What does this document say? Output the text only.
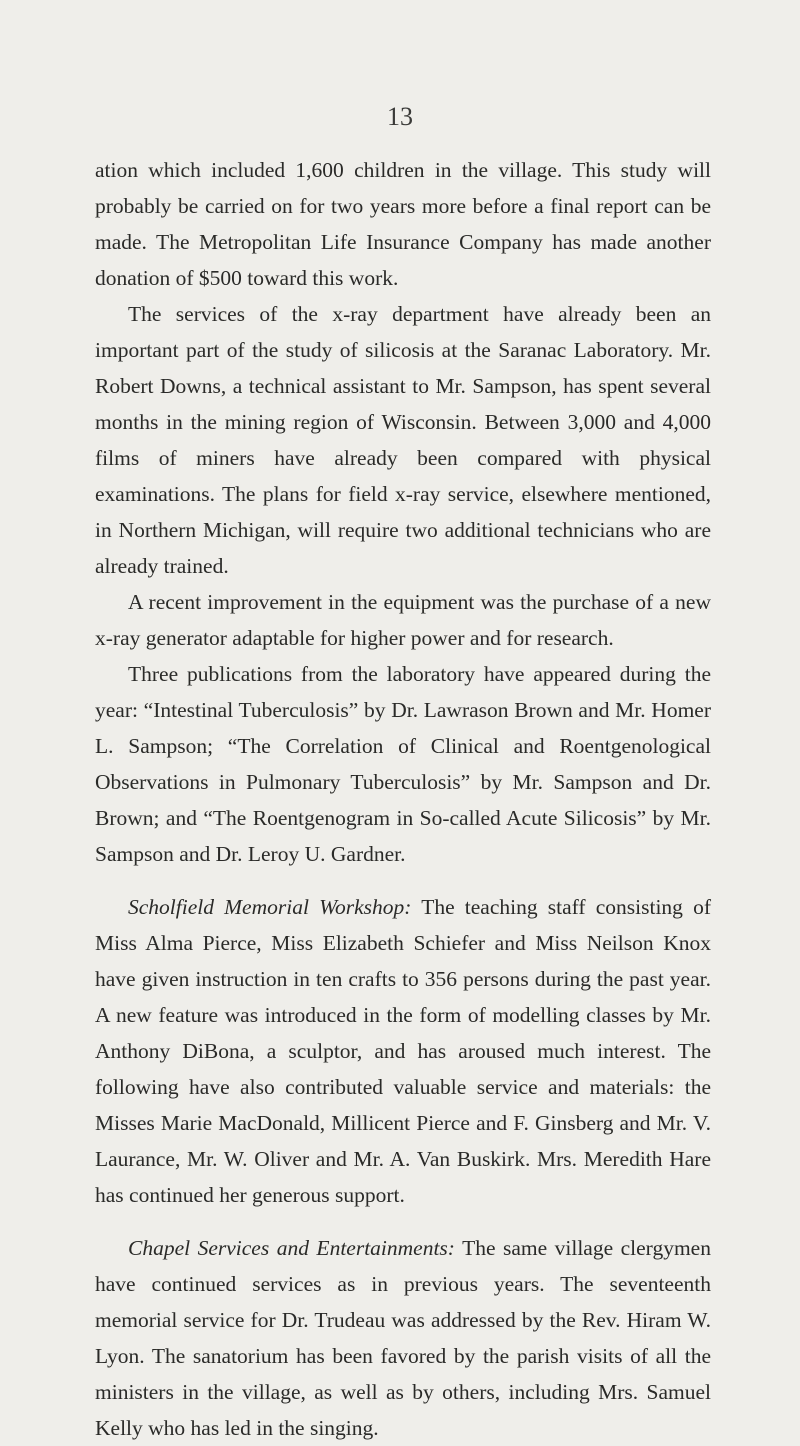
13

ation which included 1,600 children in the village. This study will probably be carried on for two years more before a final report can be made. The Metropolitan Life Insurance Company has made another donation of $500 toward this work.

The services of the x-ray department have already been an important part of the study of silicosis at the Saranac Laboratory. Mr. Robert Downs, a technical assistant to Mr. Sampson, has spent several months in the mining region of Wisconsin. Between 3,000 and 4,000 films of miners have already been compared with physical examinations. The plans for field x-ray service, elsewhere mentioned, in Northern Michigan, will require two additional technicians who are already trained.

A recent improvement in the equipment was the purchase of a new x-ray generator adaptable for higher power and for research.

Three publications from the laboratory have appeared during the year: “Intestinal Tuberculosis” by Dr. Lawrason Brown and Mr. Homer L. Sampson; “The Correlation of Clinical and Roentgenological Observations in Pulmonary Tuberculosis” by Mr. Sampson and Dr. Brown; and “The Roentgenogram in So-called Acute Silicosis” by Mr. Sampson and Dr. Leroy U. Gardner.

Scholfield Memorial Workshop: The teaching staff consisting of Miss Alma Pierce, Miss Elizabeth Schiefer and Miss Neilson Knox have given instruction in ten crafts to 356 persons during the past year. A new feature was introduced in the form of modelling classes by Mr. Anthony DiBona, a sculptor, and has aroused much interest. The following have also contributed valuable service and materials: the Misses Marie MacDonald, Millicent Pierce and F. Ginsberg and Mr. V. Laurance, Mr. W. Oliver and Mr. A. Van Buskirk. Mrs. Meredith Hare has continued her generous support.

Chapel Services and Entertainments: The same village clergymen have continued services as in previous years. The seventeenth memorial service for Dr. Trudeau was addressed by the Rev. Hiram W. Lyon. The sanatorium has been favored by the parish visits of all the ministers in the village, as well as by others, including Mrs. Samuel Kelly who has led in the singing.
